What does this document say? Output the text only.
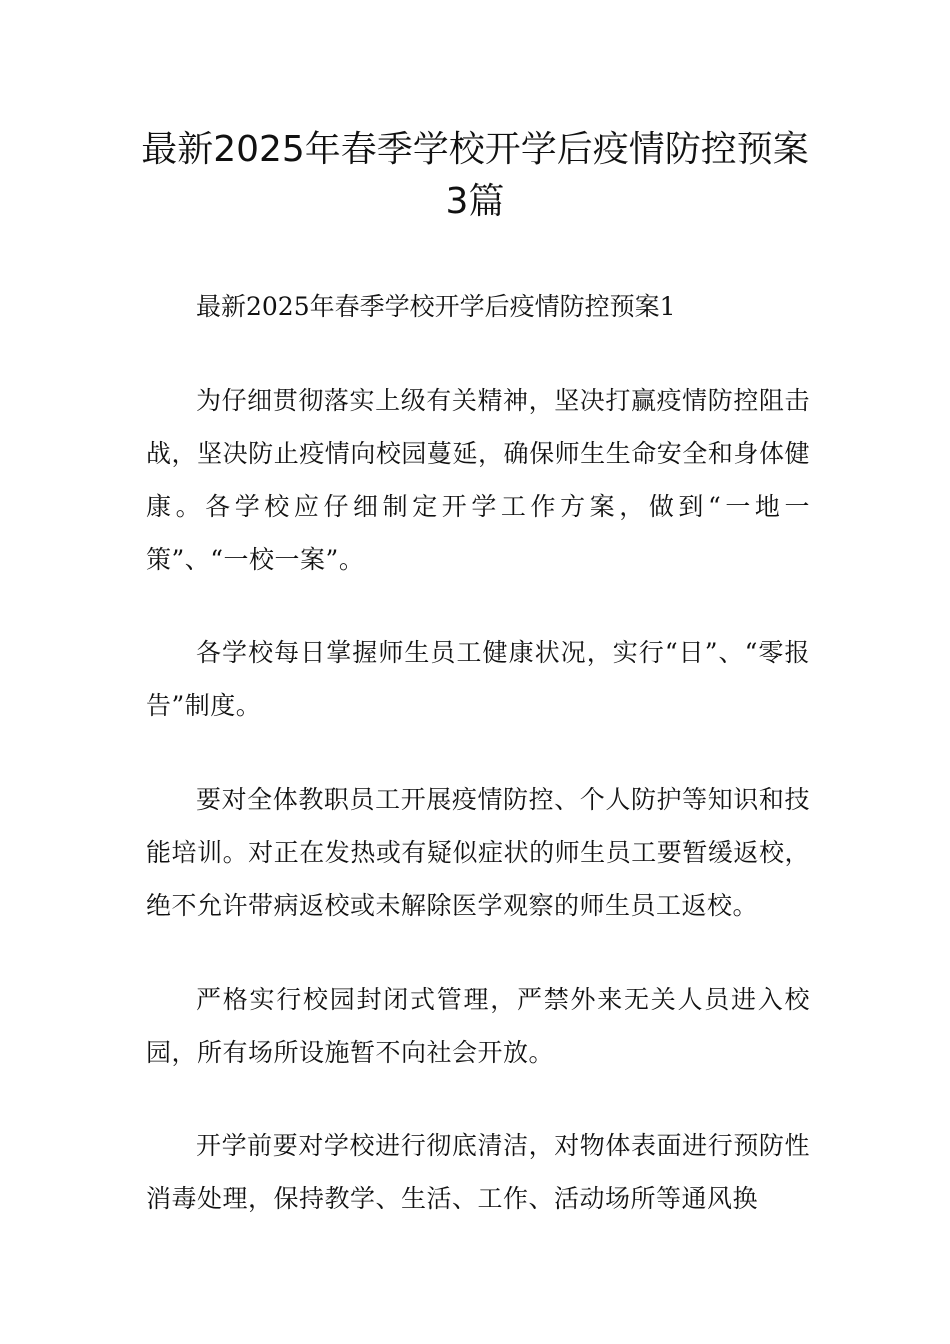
最新2025年春季学校开学后疫情防控预案
3篇

最新2025年春季学校开学后疫情防控预案1

为仔细贯彻落实上级有关精神，坚决打赢疫情防控阻击战，坚决防止疫情向校园蔓延，确保师生生命安全和身体健康。各学校应仔细制定开学工作方案，做到“一地一策”、“一校一案”。

各学校每日掌握师生员工健康状况，实行“日”、“零报告”制度。

要对全体教职员工开展疫情防控、个人防护等知识和技能培训。对正在发热或有疑似症状的师生员工要暂缓返校，绝不允许带病返校或未解除医学观察的师生员工返校。

严格实行校园封闭式管理，严禁外来无关人员进入校园，所有场所设施暂不向社会开放。

开学前要对学校进行彻底清洁，对物体表面进行预防性消毒处理，保持教学、生活、工作、活动场所等通风换
